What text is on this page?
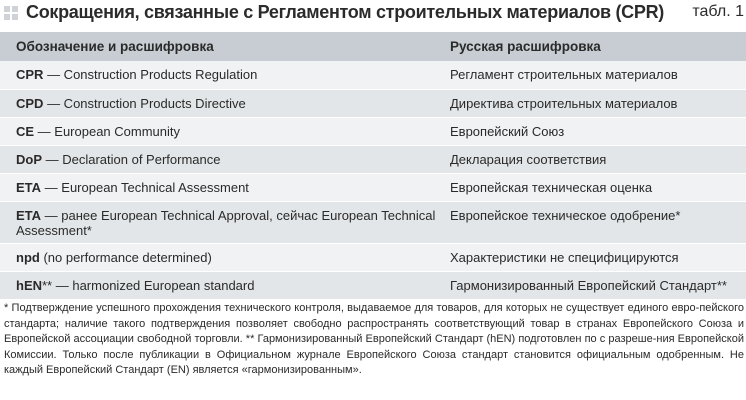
Сокращения, связанные с Регламентом строительных материалов (CPR) табл. 1
Обозначение и расшифровка	Русская расшифровка
CPR — Construction Products Regulation	Регламент строительных материалов
CPD — Construction Products Directive	Директива строительных материалов
CE — European Community	Европейский Союз
DoP — Declaration of Performance	Декларация соответствия
ETA — European Technical Assessment	Европейская техническая оценка
ETA — ранее European Technical Approval, сейчас European Technical Assessment*	Европейское техническое одобрение*
npd (no performance determined)	Характеристики не специфицируются
hEN** — harmonized European standard	Гармонизированный Европейский Стандарт**
* Подтверждение успешного прохождения технического контроля, выдаваемое для товаров, для которых не существует единого евро-пейского стандарта; наличие такого подтверждения позволяет свободно распространять соответствующий товар в странах Европейского Союза и Европейской ассоциации свободной торговли. ** Гармонизированный Европейский Стандарт (hEN) подготовлен по с разреше-ния Европейской Комиссии. Только после публикации в Официальном журнале Европейского Союза стандарт становится официальным одобренным. Не каждый Европейский Стандарт (EN) является «гармонизированным».
